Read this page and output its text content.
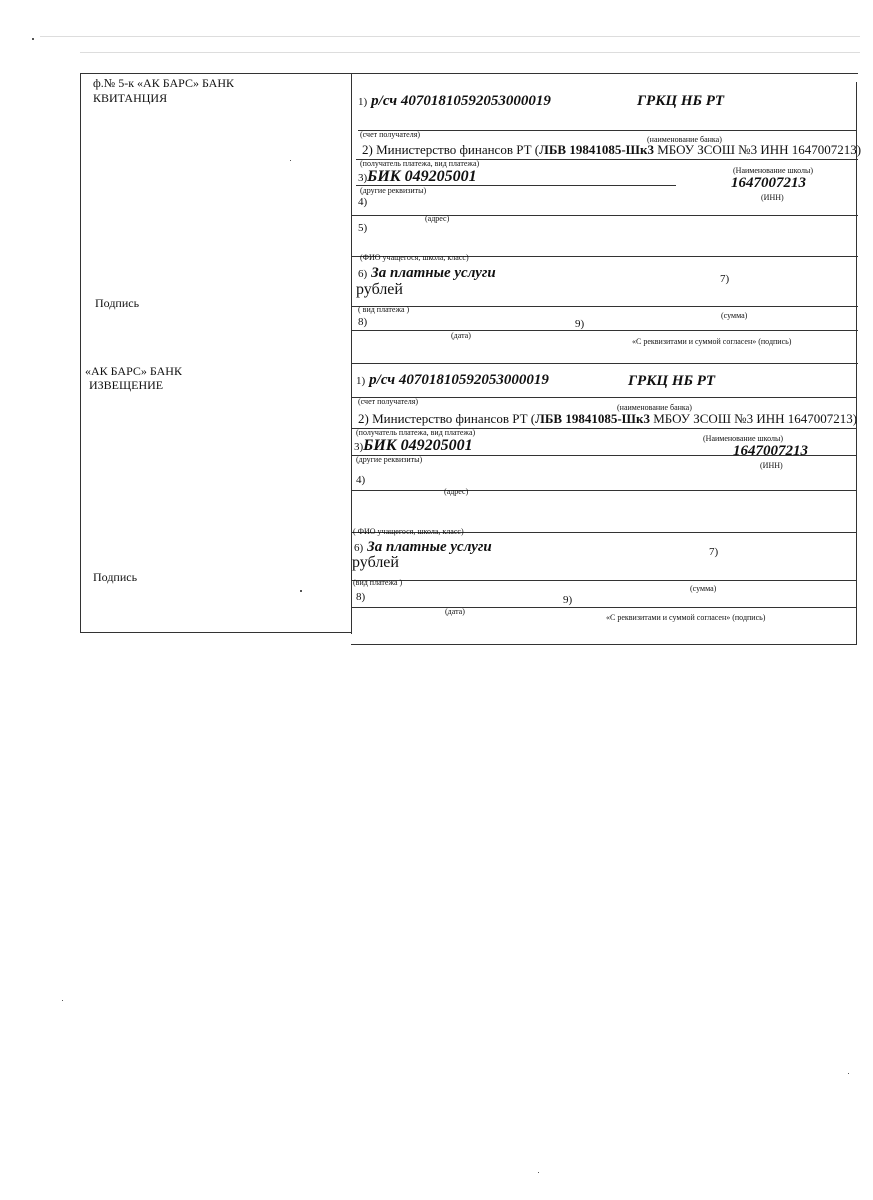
ф.№ 5-к «АК БАРС» БАНК
КВИТАНЦИЯ
Подпись
«АК БАРС» БАНК
ИЗВЕЩЕНИЕ
Подпись
1) р/сч 40701810592053000019	ГРКЦ НБ РТ
(счет получателя)
(наименование банка)
2) Министерство финансов РТ (ЛБВ 19841085-Шк3 МБОУ ЗСОШ №3 ИНН 1647007213)
(получатель платежа, вид платежа)
(Наименование школы)
3)БИК 049205001	1647007213
(другие реквизиты)
(ИНН)
4)
(адрес)
5)
(ФИО учащегося, школа, класс)
6) За платные услуги	7)
рублей
( вид платежа )
(сумма)
8)	9)
(дата)
«С реквизитами и суммой согласен» (подпись)
1) р/сч 40701810592053000019	ГРКЦ НБ РТ
(счет получателя)
(наименование банка)
2) Министерство финансов РТ (ЛБВ 19841085-Шк3 МБОУ ЗСОШ №3 ИНН 1647007213)
(получатель платежа, вид платежа)
(Наименование школы)
3)БИК 049205001	1647007213
(другие реквизиты)
(ИНН)
4)
(адрес)
( ФИО учащегося, школа, класс)
6) За платные услуги	7)
рублей
(вид платежа )
(сумма)
8)	9)
(дата)
«С реквизитами и суммой согласен» (подпись)
